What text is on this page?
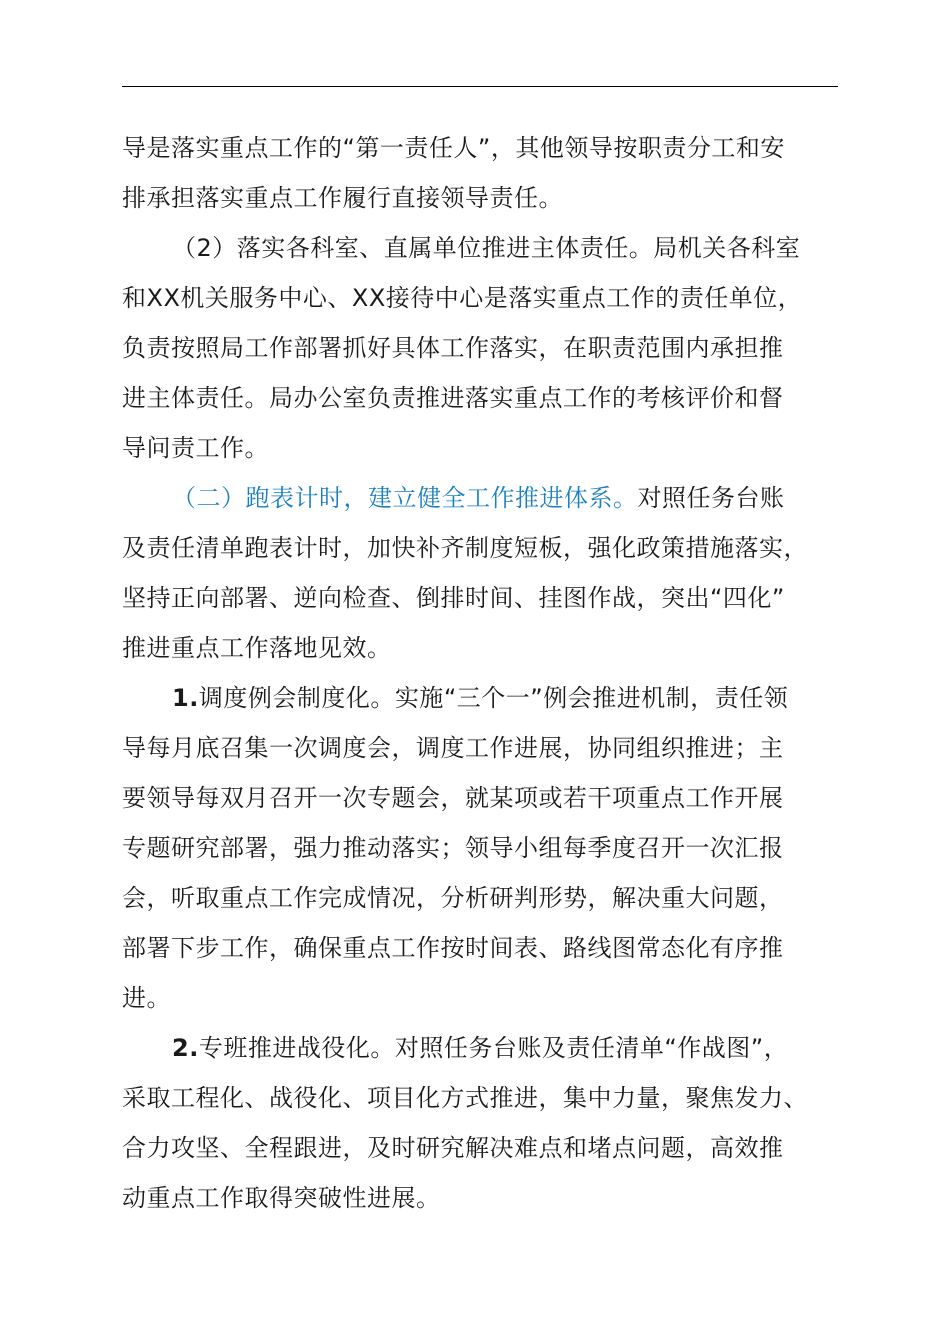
导是落实重点工作的“第一责任人”，其他领导按职责分工和安
排承担落实重点工作履行直接领导责任。
（2）落实各科室、直属单位推进主体责任。局机关各科室
和XX机关服务中心、XX接待中心是落实重点工作的责任单位，
负责按照局工作部署抓好具体工作落实，在职责范围内承担推
进主体责任。局办公室负责推进落实重点工作的考核评价和督
导问责工作。
（二）跑表计时，建立健全工作推进体系。对照任务台账
及责任清单跑表计时，加快补齐制度短板，强化政策措施落实，
坚持正向部署、逆向检查、倒排时间、挂图作战，突出“四化”
推进重点工作落地见效。
1.调度例会制度化。实施“三个一”例会推进机制，责任领
导每月底召集一次调度会，调度工作进展，协同组织推进；主
要领导每双月召开一次专题会，就某项或若干项重点工作开展
专题研究部署，强力推动落实；领导小组每季度召开一次汇报
会，听取重点工作完成情况，分析研判形势，解决重大问题，
部署下步工作，确保重点工作按时间表、路线图常态化有序推
进。
2.专班推进战役化。对照任务台账及责任清单“作战图”，
采取工程化、战役化、项目化方式推进，集中力量，聚焦发力、
合力攻坚、全程跟进，及时研究解决难点和堵点问题，高效推
动重点工作取得突破性进展。
